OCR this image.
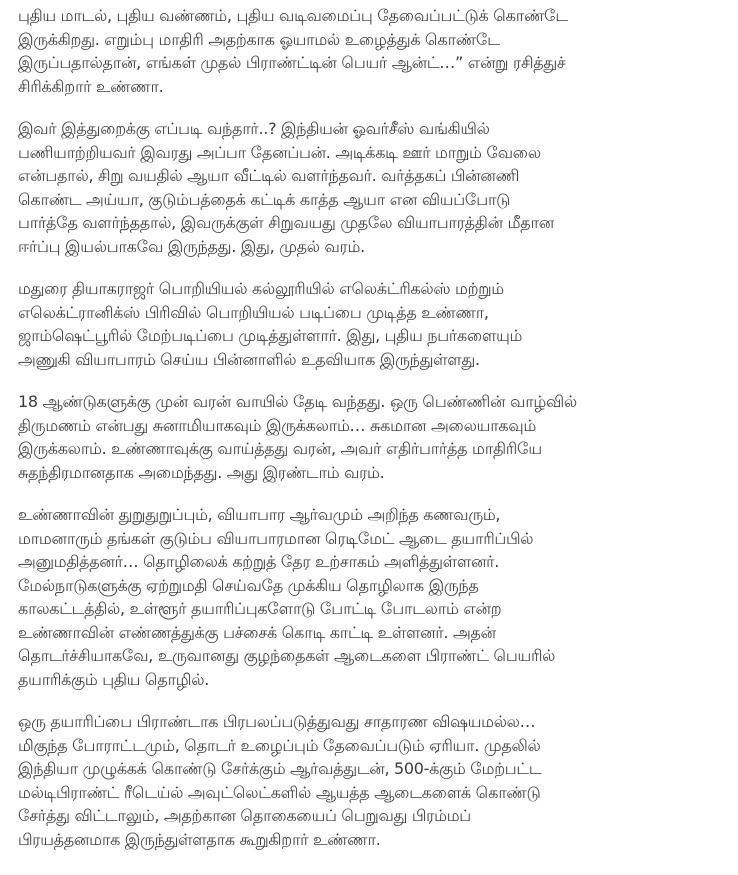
புதிய மாடல், புதிய வண்ணம், புதிய வடிவமைப்பு தேவைப்பட்டுக் கொண்டே
இருக்கிறது. எறும்பு மாதிரி அதற்காக ஓயாமல் உழைத்துக் கொண்டே
இருப்பதால்தான், எங்கள் முதல் பிராண்ட்டின் பெயர் ஆன்ட்…” என்று ரசித்துச்
சிரிக்கிறார் உண்ணா.

இவர் இத்துறைக்கு எப்படி வந்தார்..? இந்தியன் ஓவர்சீஸ் வங்கியில்
பணியாற்றியவர் இவரது அப்பா தேனப்பன். அடிக்கடி ஊர் மாறும் வேலை
என்பதால், சிறு வயதில் ஆயா வீட்டில் வளர்ந்தவர். வர்த்தகப் பின்னணி
கொண்ட அய்யா, குடும்பத்தைக் கட்டிக் காத்த ஆயா என வியப்போடு
பார்த்தே வளர்ந்ததால், இவருக்குள் சிறுவயது முதலே வியாபாரத்தின் மீதான
ஈர்ப்பு இயல்பாகவே இருந்தது. இது, முதல் வரம்.

மதுரை தியாகராஜர் பொறியியல் கல்லூரியில் எலெக்ட்ரிகல்ஸ் மற்றும்
எலெக்ட்ரானிக்ஸ் பிரிவில் பொறியியல் படிப்பை முடித்த உண்ணா,
ஜாம்ஷெட்பூரில் மேற்படிப்பை முடித்துள்ளார். இது, புதிய நபர்களையும்
அணுகி வியாபாரம் செய்ய பின்னாளில் உதவியாக இருந்துள்ளது.

18 ஆண்டுகளுக்கு முன் வரன் வாயில் தேடி வந்தது. ஒரு பெண்ணின் வாழ்வில்
திருமணம் என்பது சுனாமியாகவும் இருக்கலாம்… சுகமான அலையாகவும்
இருக்கலாம். உண்ணாவுக்கு வாய்த்தது வரன், அவர் எதிர்பார்த்த மாதிரியே
சுதந்திரமானதாக அமைந்தது. அது இரண்டாம் வரம்.

உண்ணாவின் துறுதுறுப்பும், வியாபார ஆர்வமும் அறிந்த கணவரும்,
மாமனாரும் தங்கள் குடும்ப வியாபாரமான ரெடிமேட் ஆடை தயாரிப்பில்
அனுமதித்தனர்… தொழிலைக் கற்றுத் தேர உற்சாகம் அளித்துள்ளனர்.
மேல்நாடுகளுக்கு ஏற்றுமதி செய்வதே முக்கிய தொழிலாக இருந்த
காலகட்டத்தில், உள்ளூர் தயாரிப்புகளோடு போட்டி போடலாம் என்ற
உண்ணாவின் எண்ணத்துக்கு பச்சைக் கொடி காட்டி உள்ளனர். அதன்
தொடர்ச்சியாகவே, உருவானது குழந்தைகள் ஆடைகளை பிராண்ட் பெயரில்
தயாரிக்கும் புதிய தொழில்.

ஒரு தயாரிப்பை பிராண்டாக பிரபலப்படுத்துவது சாதாரண விஷயமல்ல…
மிகுந்த போராட்டமும், தொடர் உழைப்பும் தேவைப்படும் ஏரியா. முதலில்
இந்தியா முழுக்கக் கொண்டு சேர்க்கும் ஆர்வத்துடன், 500-க்கும் மேற்பட்ட
மல்டிபிராண்ட் ரீடெய்ல் அவுட்லெட்களில் ஆயத்த ஆடைகளைக் கொண்டு
சேர்த்து விட்டாலும், அதற்கான தொகையைப் பெறுவது பிரம்மப்
பிரயத்தனமாக இருந்துள்ளதாக கூறுகிறார் உண்ணா.
